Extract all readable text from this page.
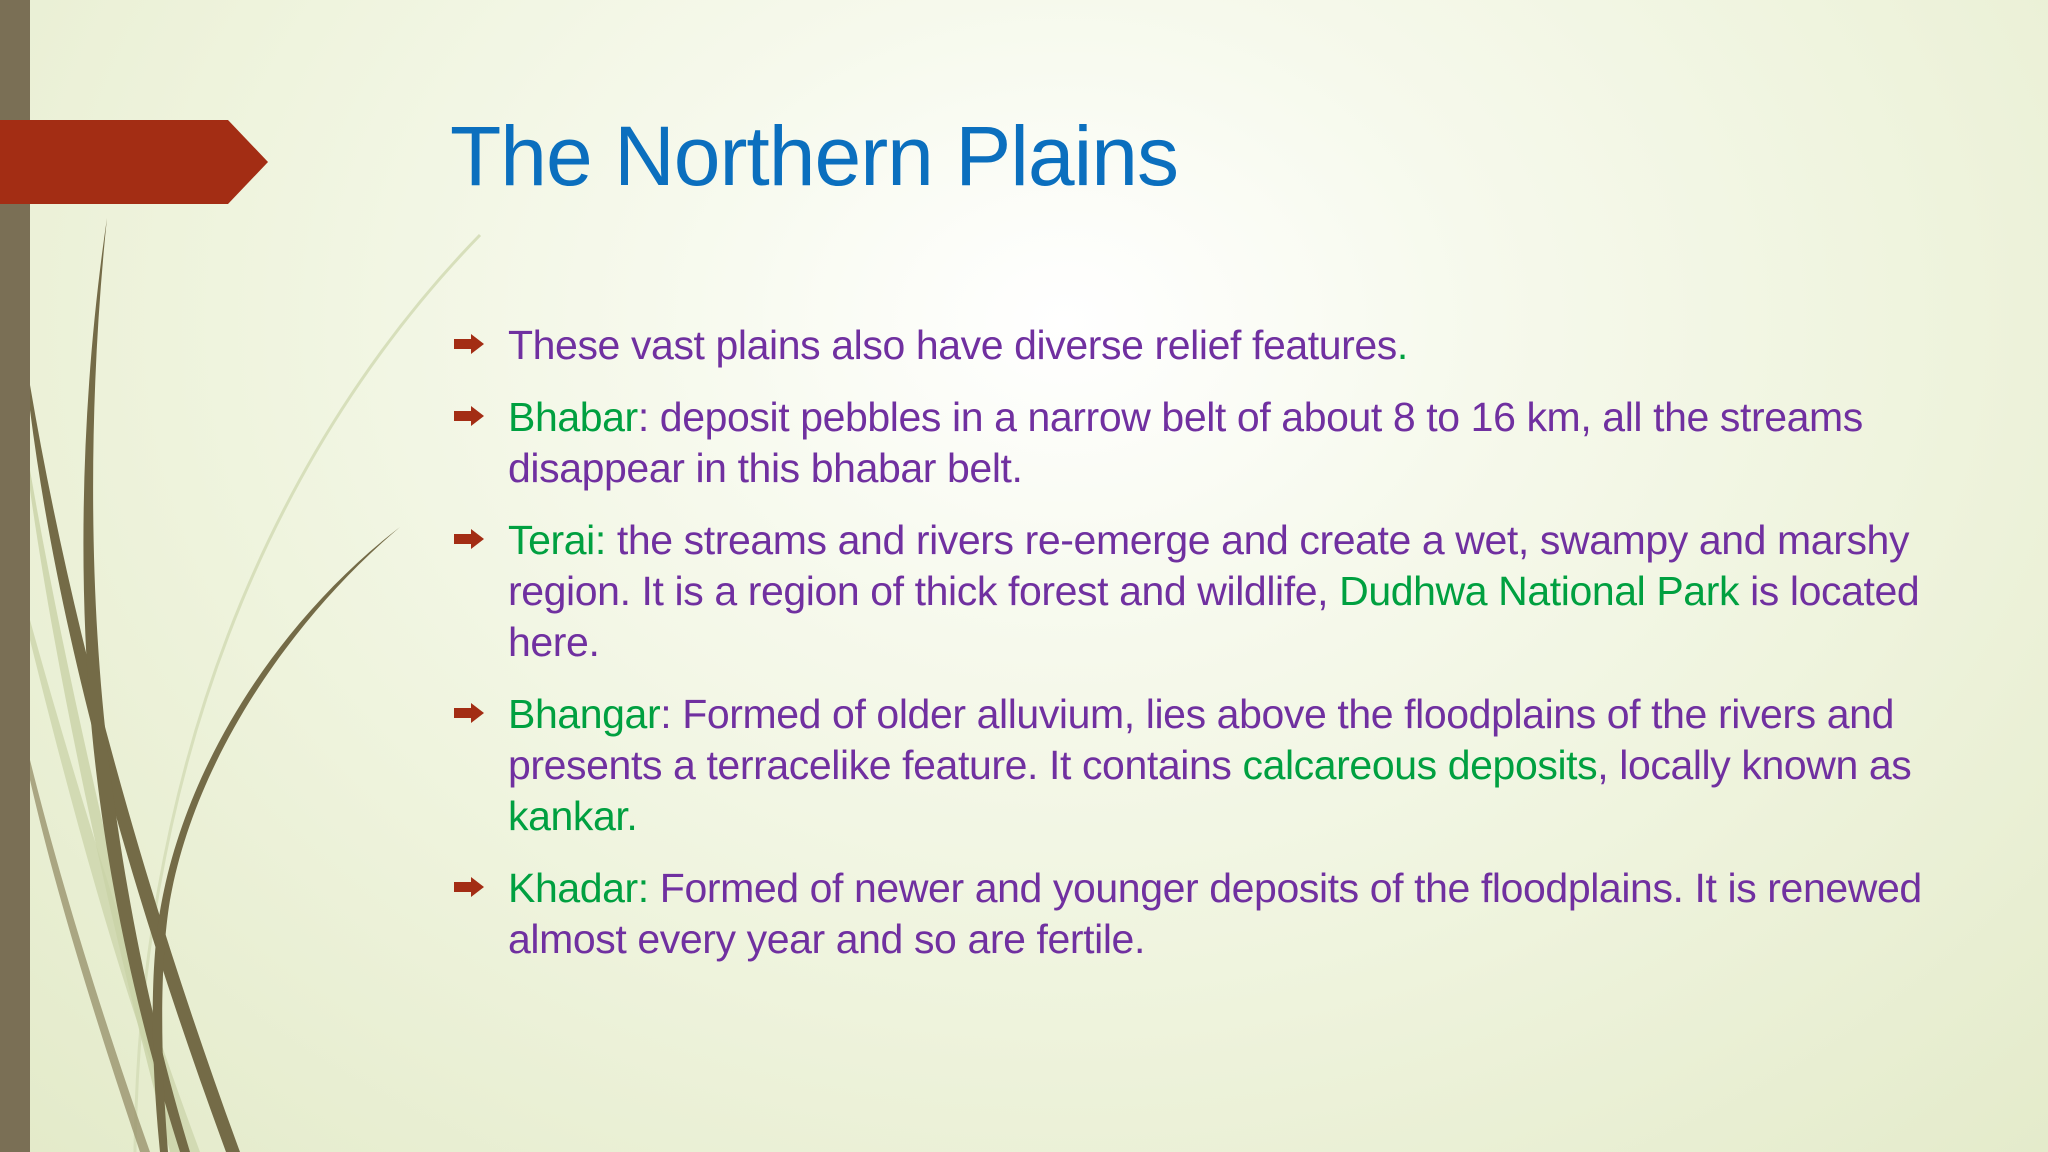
The Northern Plains
These vast plains also have diverse relief features.
Bhabar: deposit pebbles in a narrow belt of about 8 to 16 km, all the streams disappear in this bhabar belt.
Terai: the streams and rivers re-emerge and create a wet, swampy and marshy region. It is a region of thick forest and wildlife, Dudhwa National Park is located here.
Bhangar: Formed of older alluvium, lies above the floodplains of the rivers and presents a terracelike feature. It contains calcareous deposits, locally known as kankar.
Khadar: Formed of newer and younger deposits of the floodplains. It is renewed almost every year and so are fertile.
